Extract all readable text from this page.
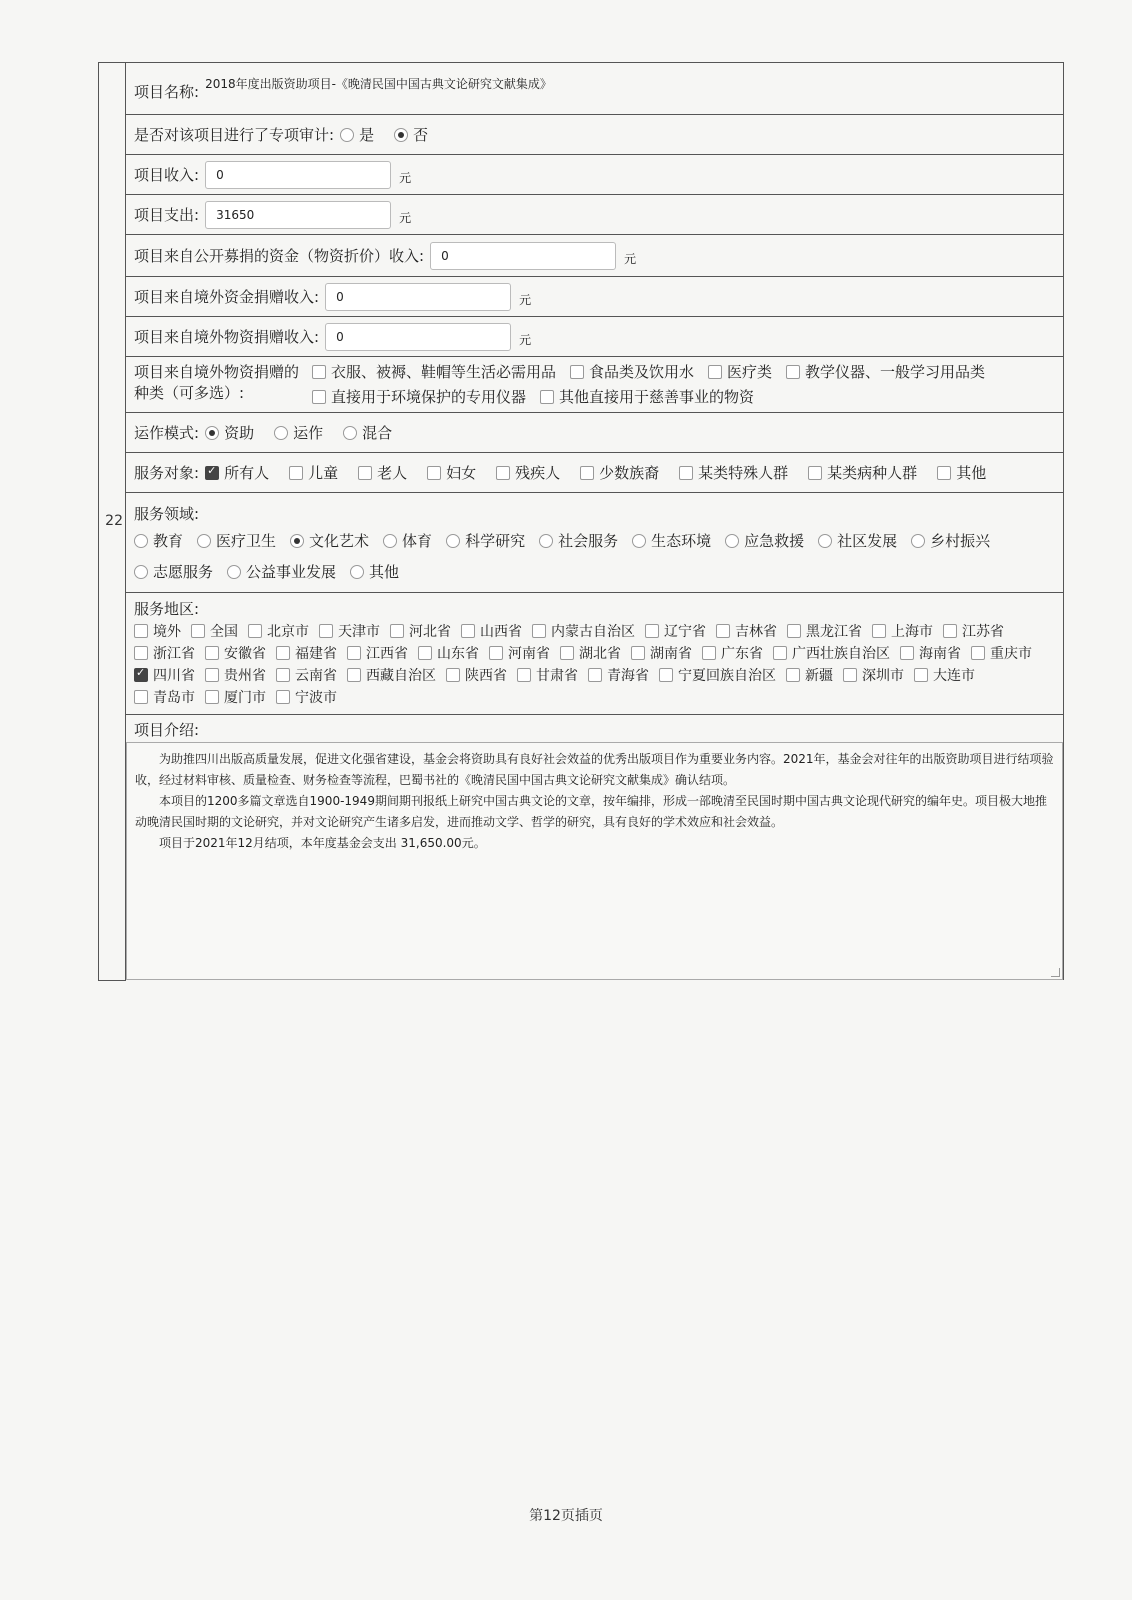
22	
项目名称: 2018年度出版资助项目-《晚清民国中国古典文论研究文献集成》

是否对该项目进行了专项审计: 是	否

项目收入:
0	元

项目支出:
31650	元

项目来自公开募捐的资金（物资折价）收入:
0	元

项目来自境外资金捐赠收入:
0	元

项目来自境外物资捐赠收入:
0	元

项目来自境外物资捐赠的种类（可多选）:
衣服、被褥、鞋帽等生活必需用品 食品类及饮用水 医疗类 教学仪器、一般学习用品类
直接用于环境保护的专用仪器 其他直接用于慈善事业的物资

运作模式: 资助	运作	混合

服务对象:
✓ 所有人	儿童	老人	妇女	残疾人	少数族裔	某类特殊人群	某类病种人群	其他

服务领域:
教育 医疗卫生 文化艺术 体育 科学研究 社会服务 生态环境 应急救援 社区发展 乡村振兴
志愿服务 公益事业发展 其他

服务地区:
境外 全国 北京市 天津市 河北省 山西省 内蒙古自治区 辽宁省 吉林省 黑龙江省 上海市 江苏省
浙江省 安徽省 福建省 江西省 山东省 河南省 湖北省 湖南省 广东省 广西壮族自治区 海南省 重庆市
✓
四川省 贵州省 云南省 西藏自治区 陕西省 甘肃省 青海省 宁夏回族自治区 新疆 深圳市 大连市
青岛市 厦门市 宁波市

项目介绍:

为助推四川出版高质量发展，促进文化强省建设，基金会将资助具有良好社会效益的优秀出版项目作为重要业务内容。2021年，基金会对往年的出版资助项目进行结项验收，经过材料审核、质量检查、财务检查等流程，巴蜀书社的《晚清民国中国古典文论研究文献集成》确认结项。

本项目的1200多篇文章选自1900-1949期间期刊报纸上研究中国古典文论的文章，按年编排，形成一部晚清至民国时期中国古典文论现代研究的编年史。项目极大地推动晚清民国时期的文论研究，并对文论研究产生诸多启发，进而推动文学、哲学的研究，具有良好的学术效应和社会效益。

项目于2021年12月结项，本年度基金会支出 31,650.00元。

第12页插页
